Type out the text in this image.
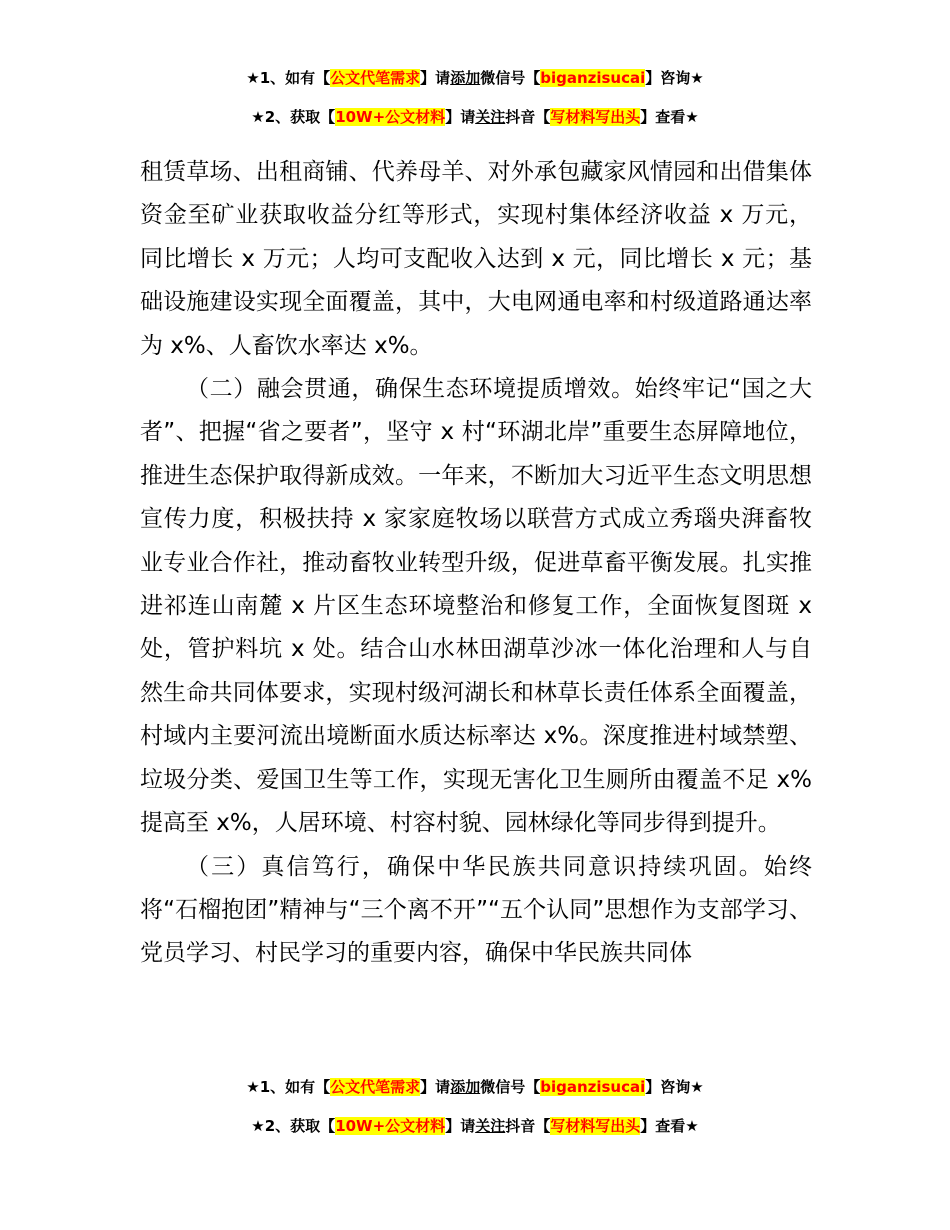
★1、如有【公文代笔需求】请添加微信号【biganzisucai】咨询★
★2、获取【10W+公文材料】请关注抖音【写材料写出头】查看★

租赁草场、出租商铺、代养母羊、对外承包藏家风情园和出借集体资金至矿业获取收益分红等形式，实现村集体经济收益 x 万元，同比增长 x 万元；人均可支配收入达到 x 元，同比增长 x 元；基础设施建设实现全面覆盖，其中，大电网通电率和村级道路通达率为 x%、人畜饮水率达 x%。

（二）融会贯通，确保生态环境提质增效。始终牢记“国之大者”、把握“省之要者”，坚守 x 村“环湖北岸”重要生态屏障地位，推进生态保护取得新成效。一年来，不断加大习近平生态文明思想宣传力度，积极扶持 x 家家庭牧场以联营方式成立秀瑙央湃畜牧业专业合作社，推动畜牧业转型升级，促进草畜平衡发展。扎实推进祁连山南麓 x 片区生态环境整治和修复工作，全面恢复图斑 x 处，管护料坑 x 处。结合山水林田湖草沙冰一体化治理和人与自然生命共同体要求，实现村级河湖长和林草长责任体系全面覆盖，村域内主要河流出境断面水质达标率达 x%。深度推进村域禁塑、垃圾分类、爱国卫生等工作，实现无害化卫生厕所由覆盖不足 x%提高至 x%，人居环境、村容村貌、园林绿化等同步得到提升。

（三）真信笃行，确保中华民族共同意识持续巩固。始终将“石榴抱团”精神与“三个离不开”“五个认同”思想作为支部学习、党员学习、村民学习的重要内容，确保中华民族共同体

★1、如有【公文代笔需求】请添加微信号【biganzisucai】咨询★
★2、获取【10W+公文材料】请关注抖音【写材料写出头】查看★
